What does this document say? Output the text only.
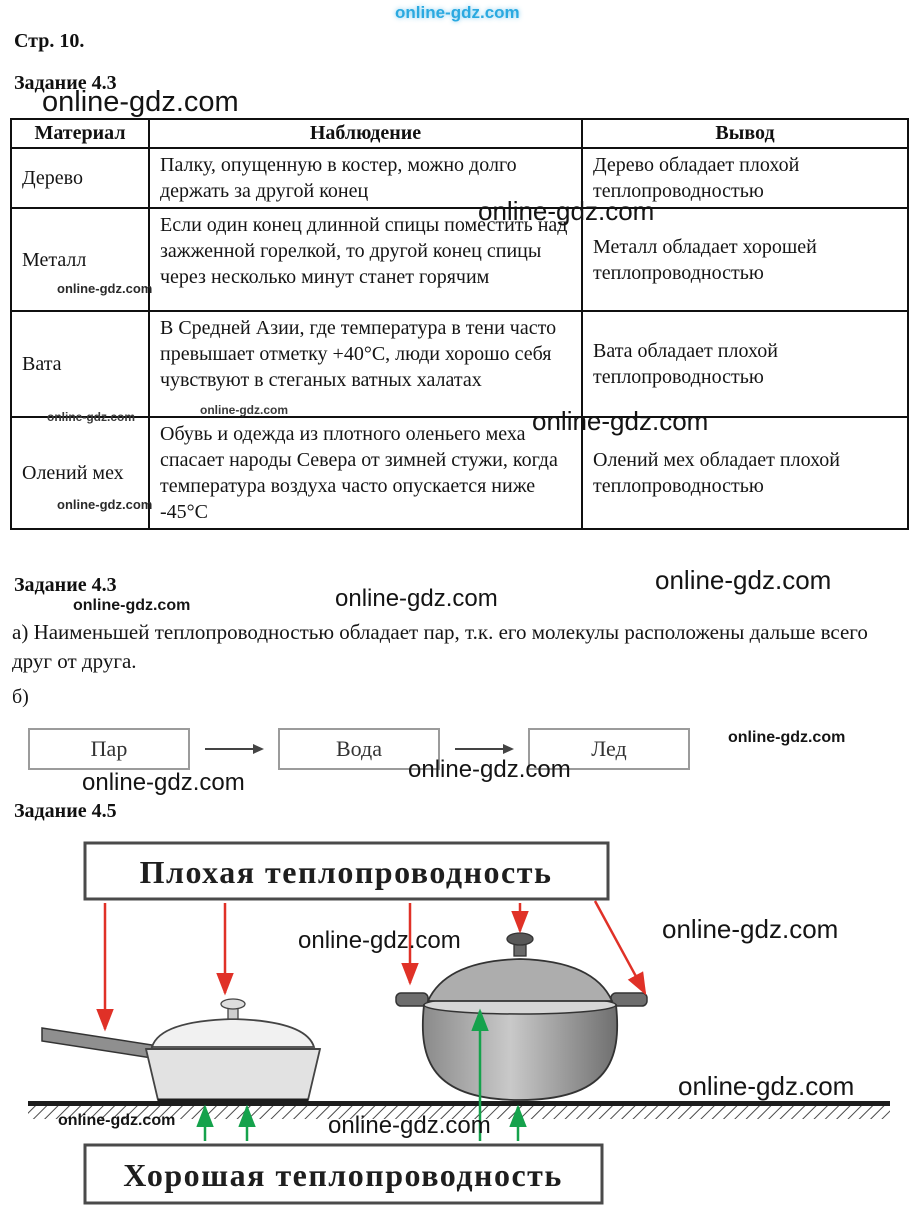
online-gdz.com
online-gdz.com
online-gdz.com
online-gdz.com
online-gdz.com	online-gdz.com	online-gdz.com
online-gdz.com
online-gdz.com
online-gdz.com
online-gdz.com
online-gdz.com
online-gdz.com
online-gdz.com
online-gdz.com	online-gdz.com
online-gdz.com
online-gdz.com	online-gdz.com
Стр. 10.
Задание 4.3
Материал	Наблюдение	Вывод
Дерево	Палку, опущенную в костер, можно долго держать за другой конец	Дерево обладает плохой теплопроводностью
Металл	Если один конец длинной спицы поместить над зажженной горелкой, то другой конец спицы через несколько минут станет горячим	Металл обладает хорошей теплопроводностью
Вата	В Средней Азии, где температура в тени часто превышает отметку +40°С, люди хорошо себя чувствуют в стеганых ватных халатах	Вата обладает плохой теплопроводностью
Олений мех	Обувь и одежда из плотного оленьего меха спасает народы Севера от зимней стужи, когда температура воздуха часто опускается ниже -45°С	Олений мех обладает плохой теплопроводностью
Задание 4.3
а) Наименьшей теплопроводностью обладает пар, т.к. его молекулы расположены дальше всего друг от друга.
б)
Пар	Вода	Лед
Задание 4.5
Плохая теплопроводность
Хорошая теплопроводность
